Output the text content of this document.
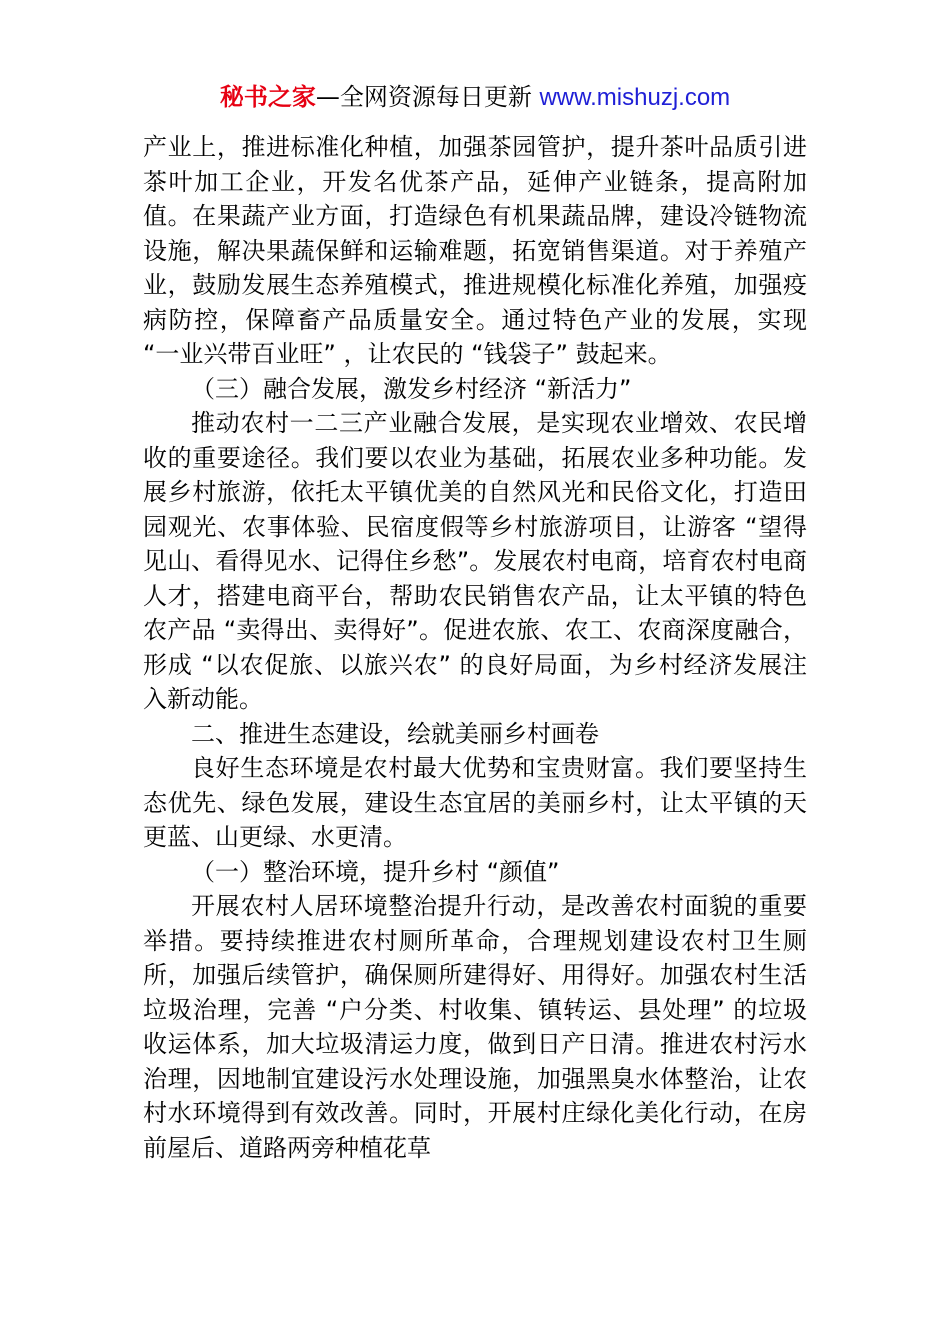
秘书之家—全网资源每日更新 www.mishuzj.com

产业上，推进标准化种植，加强茶园管护，提升茶叶品质引进茶叶加工企业，开发名优茶产品，延伸产业链条，提高附加值。在果蔬产业方面，打造绿色有机果蔬品牌，建设冷链物流设施，解决果蔬保鲜和运输难题，拓宽销售渠道。对于养殖产业，鼓励发展生态养殖模式，推进规模化标准化养殖，加强疫病防控，保障畜产品质量安全。通过特色产业的发展，实现 “一业兴带百业旺” ，让农民的 “钱袋子” 鼓起来。

（三）融合发展，激发乡村经济 “新活力”

推动农村一二三产业融合发展，是实现农业增效、农民增收的重要途径。我们要以农业为基础，拓展农业多种功能。发展乡村旅游，依托太平镇优美的自然风光和民俗文化，打造田园观光、农事体验、民宿度假等乡村旅游项目，让游客 “望得见山、看得见水、记得住乡愁”。发展农村电商，培育农村电商人才，搭建电商平台，帮助农民销售农产品，让太平镇的特色农产品 “卖得出、卖得好”。促进农旅、农工、农商深度融合，形成 “以农促旅、以旅兴农” 的良好局面，为乡村经济发展注入新动能。

二、推进生态建设，绘就美丽乡村画卷

良好生态环境是农村最大优势和宝贵财富。我们要坚持生态优先、绿色发展，建设生态宜居的美丽乡村，让太平镇的天更蓝、山更绿、水更清。

（一）整治环境，提升乡村 “颜值”

开展农村人居环境整治提升行动，是改善农村面貌的重要举措。要持续推进农村厕所革命，合理规划建设农村卫生厕所，加强后续管护，确保厕所建得好、用得好。加强农村生活垃圾治理，完善 “户分类、村收集、镇转运、县处理” 的垃圾收运体系，加大垃圾清运力度，做到日产日清。推进农村污水治理，因地制宜建设污水处理设施，加强黑臭水体整治，让农村水环境得到有效改善。同时，开展村庄绿化美化行动，在房前屋后、道路两旁种植花草
